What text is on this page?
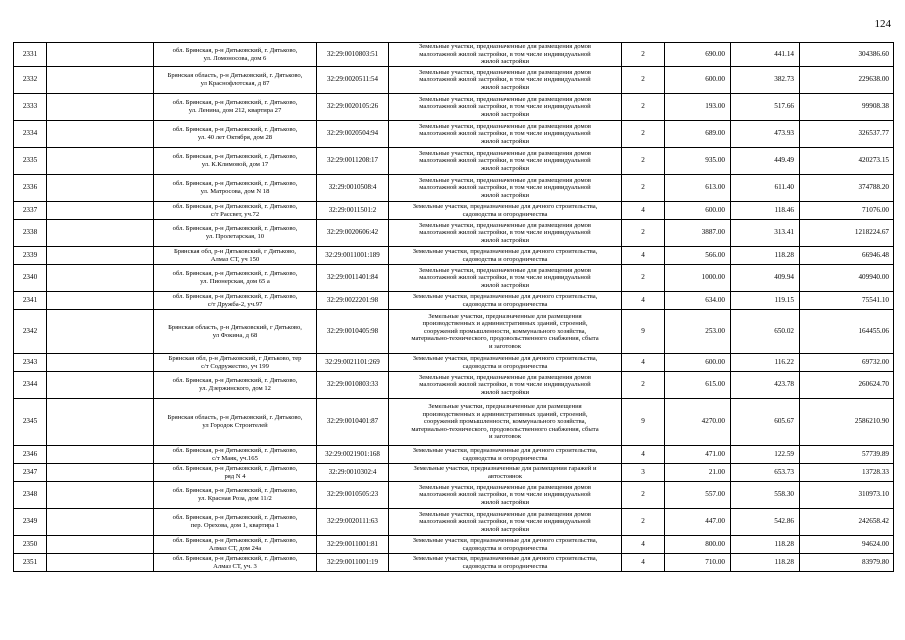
124
2331		обл. Брянская, р-н Дятьковский, г. Дятьково,
ул. Ломоносова, дом 6	32:29:0010803:51	Земельные участки, предназначенные для размещения домов
малоэтажной жилой застройки, в том числе индивидуальной
жилой застройки	2	690.00	441.14	304386.60
2332		Брянская область, р-н Дятьковский, г. Дятьково,
ул Краснофлотская, д 87	32:29:0020511:54	Земельные участки, предназначенные для размещения домов
малоэтажной жилой застройки, в том числе индивидуальной
жилой застройки	2	600.00	382.73	229638.00
2333		обл. Брянская, р-н Дятьковский, г. Дятьково,
ул. Ленина, дом 212, квартира 27	32:29:0020105:26	Земельные участки, предназначенные для размещения домов
малоэтажной жилой застройки, в том числе индивидуальной
жилой застройки	2	193.00	517.66	99908.38
2334		обл. Брянская, р-н Дятьковский, г. Дятьково,
ул. 40 лет Октября, дом 28	32:29:0020504:94	Земельные участки, предназначенные для размещения домов
малоэтажной жилой застройки, в том числе индивидуальной
жилой застройки	2	689.00	473.93	326537.77
2335		обл. Брянская, р-н Дятьковский, г. Дятьково,
ул. К.Климовой, дом 17	32:29:0011208:17	Земельные участки, предназначенные для размещения домов
малоэтажной жилой застройки, в том числе индивидуальной
жилой застройки	2	935.00	449.49	420273.15
2336		обл. Брянская, р-н Дятьковский, г. Дятьково,
ул. Матросова, дом N 18	32:29:0010508:4	Земельные участки, предназначенные для размещения домов
малоэтажной жилой застройки, в том числе индивидуальной
жилой застройки	2	613.00	611.40	374788.20
2337		обл. Брянская, р-н Дятьковский, г. Дятьково,
с/т Рассвет, уч.72	32:29:0011501:2	Земельные участки, предназначенные для дачного строительства,
садоводства и огородничества	4	600.00	118.46	71076.00
2338		обл. Брянская, р-н Дятьковский, г. Дятьково,
ул. Пролетарская, 10	32:29:0020606:42	Земельные участки, предназначенные для размещения домов
малоэтажной жилой застройки, в том числе индивидуальной
жилой застройки	2	3887.00	313.41	1218224.67
2339		Брянская обл, р-н Дятьковский, г Дятьково,
Алмаз СТ, уч 150	32:29:0011001:189	Земельные участки, предназначенные для дачного строительства,
садоводства и огородничества	4	566.00	118.28	66946.48
2340		обл. Брянская, р-н Дятьковский, г. Дятьково,
ул. Пионерская, дом 65 а	32:29:0011401:84	Земельные участки, предназначенные для размещения домов
малоэтажной жилой застройки, в том числе индивидуальной
жилой застройки	2	1000.00	409.94	409940.00
2341		обл. Брянская, р-н Дятьковский, г. Дятьково,
с/т Дружба-2, уч.97	32:29:0022201:98	Земельные участки, предназначенные для дачного строительства,
садоводства и огородничества	4	634.00	119.15	75541.10
2342		Брянская область, р-н Дятьковский, г Дятьково,
ул Фокина, д 68	32:29:0010405:98	Земельные участки, предназначенные для размещения
производственных и административных зданий, строений,
сооружений промышленности, коммунального хозяйства,
материально-технического, продовольственного снабжения, сбыта
и заготовок	9	253.00	650.02	164455.06
2343		Брянская обл, р-н Дятьковский, г Дятьково, тер
с/т Содружество, уч 199	32:29:0021101:269	Земельные участки, предназначенные для дачного строительства,
садоводства и огородничества	4	600.00	116.22	69732.00
2344		обл. Брянская, р-н Дятьковский, г. Дятьково,
ул. Дзержинского, дом 12	32:29:0010803:33	Земельные участки, предназначенные для размещения домов
малоэтажной жилой застройки, в том числе индивидуальной
жилой застройки	2	615.00	423.78	260624.70
2345		Брянская область, р-н Дятьковский, г. Дятьково,
ул Городок Строителей	32:29:0010401:87	Земельные участки, предназначенные для размещения
производственных и административных зданий, строений,
сооружений промышленности, коммунального хозяйства,
материально-технического, продовольственного снабжения, сбыта
и заготовок	9	4270.00	605.67	2586210.90
2346		обл. Брянская, р-н Дятьковский, г. Дятьково,
с/т Маяк, уч.165	32:29:0021901:168	Земельные участки, предназначенные для дачного строительства,
садоводства и огородничества	4	471.00	122.59	57739.89
2347		обл. Брянская, р-н Дятьковский, г. Дятьково,
ряд N 4	32:29:0010302:4	Земельные участки, предназначенные для размещения гаражей и
автостоянок	3	21.00	653.73	13728.33
2348		обл. Брянская, р-н Дятьковский, г. Дятьково,
ул. Красная Роза, дом 11/2	32:29:0010505:23	Земельные участки, предназначенные для размещения домов
малоэтажной жилой застройки, в том числе индивидуальной
жилой застройки	2	557.00	558.30	310973.10
2349		обл. Брянская, р-н Дятьковский, г. Дятьково,
пер. Орехова, дом 1, квартира 1	32:29:0020111:63	Земельные участки, предназначенные для размещения домов
малоэтажной жилой застройки, в том числе индивидуальной
жилой застройки	2	447.00	542.86	242658.42
2350		обл. Брянская, р-н Дятьковский, г. Дятьково,
Алмаз СТ, дом 24а	32:29:0011001:81	Земельные участки, предназначенные для дачного строительства,
садоводства и огородничества	4	800.00	118.28	94624.00
2351		обл. Брянская, р-н Дятьковский, г. Дятьково,
Алмаз СТ, уч. 3	32:29:0011001:19	Земельные участки, предназначенные для дачного строительства,
садоводства и огородничества	4	710.00	118.28	83979.80
